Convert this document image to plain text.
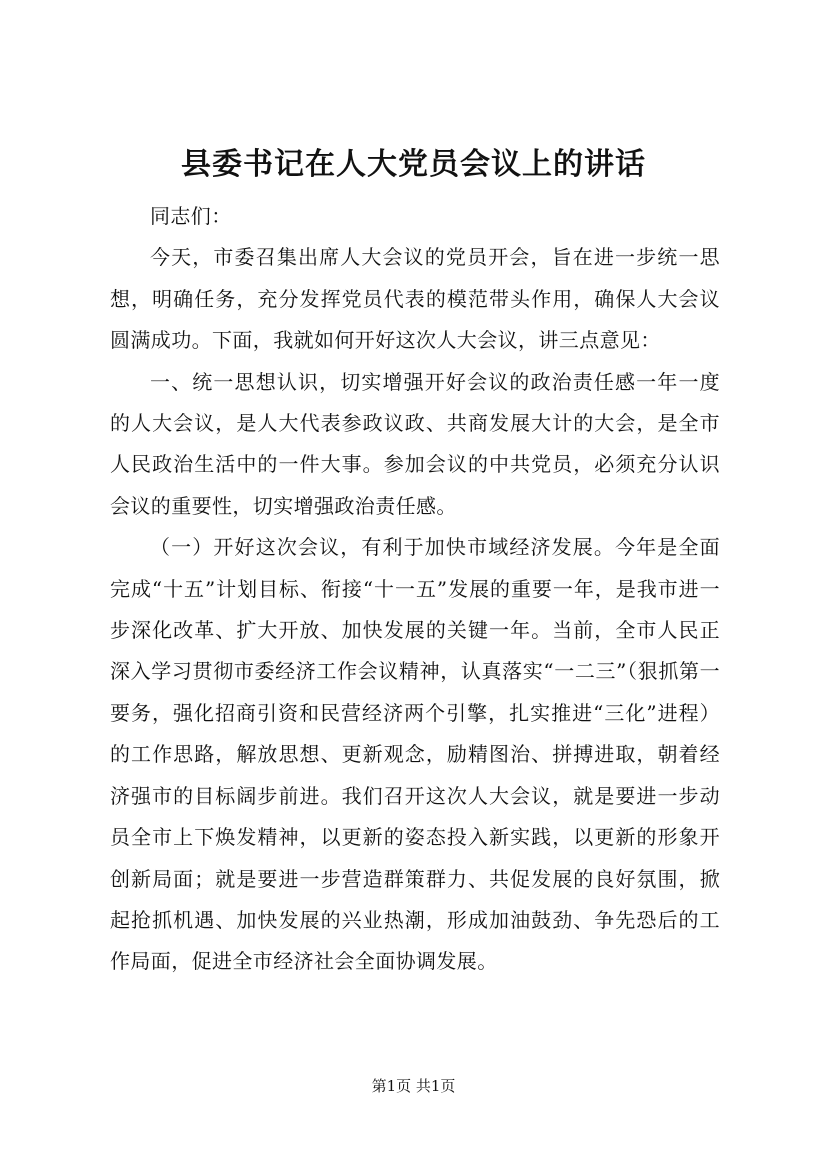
县委书记在人大党员会议上的讲话

同志们：

今天，市委召集出席人大会议的党员开会，旨在进一步统一思想，明确任务，充分发挥党员代表的模范带头作用，确保人大会议圆满成功。下面，我就如何开好这次人大会议，讲三点意见：

一、统一思想认识，切实增强开好会议的政治责任感一年一度的人大会议，是人大代表参政议政、共商发展大计的大会，是全市人民政治生活中的一件大事。参加会议的中共党员，必须充分认识会议的重要性，切实增强政治责任感。

（一）开好这次会议，有利于加快市域经济发展。今年是全面完成“十五”计划目标、衔接“十一五”发展的重要一年，是我市进一步深化改革、扩大开放、加快发展的关键一年。当前，全市人民正深入学习贯彻市委经济工作会议精神，认真落实“一二三”（狠抓第一要务，强化招商引资和民营经济两个引擎，扎实推进“三化”进程）的工作思路，解放思想、更新观念，励精图治、拼搏进取，朝着经济强市的目标阔步前进。我们召开这次人大会议，就是要进一步动员全市上下焕发精神，以更新的姿态投入新实践，以更新的形象开创新局面；就是要进一步营造群策群力、共促发展的良好氛围，掀起抢抓机遇、加快发展的兴业热潮，形成加油鼓劲、争先恐后的工作局面，促进全市经济社会全面协调发展。

第1页 共1页
